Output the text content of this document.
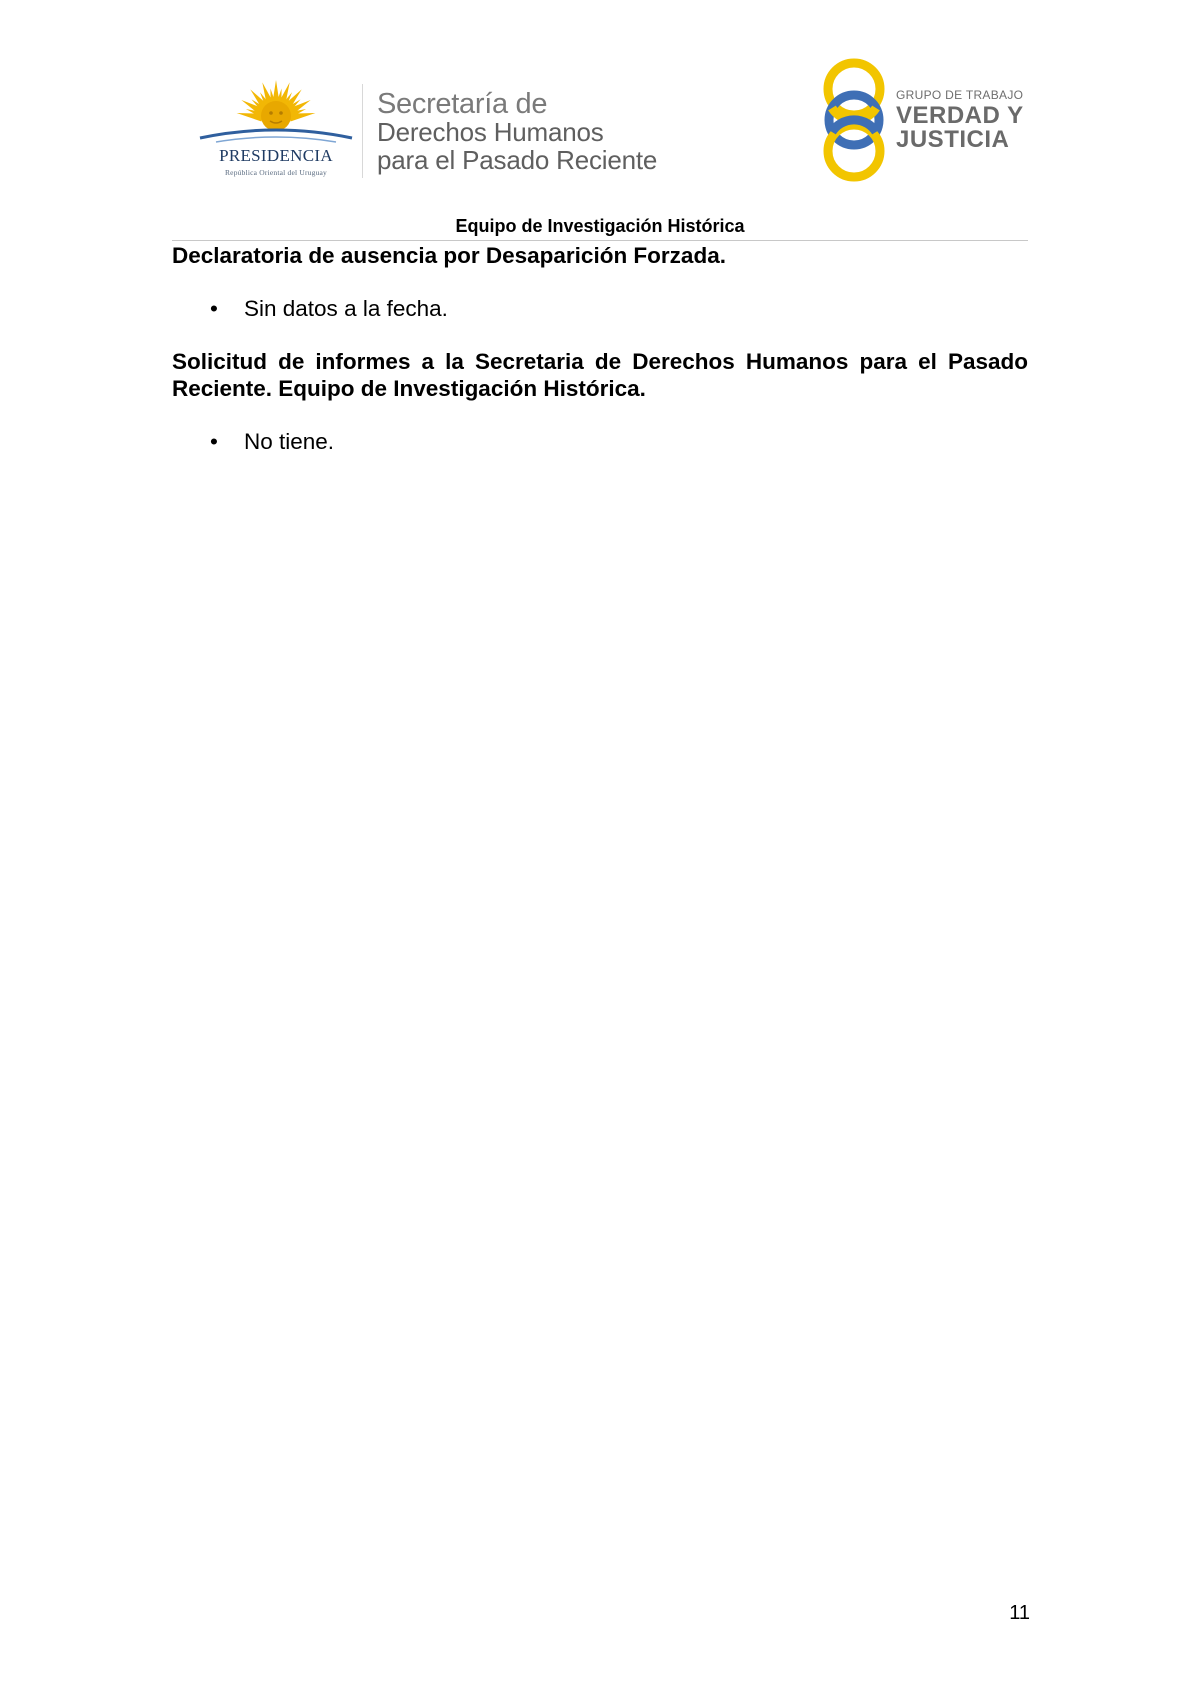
PRESIDENCIA
República Oriental del Uruguay
Secretaría de
Derechos Humanos
para el Pasado Reciente
GRUPO DE TRABAJO
VERDAD Y
JUSTICIA
Equipo de Investigación Histórica

Declaratoria de ausencia por Desaparición Forzada.

• Sin datos a la fecha.

Solicitud de informes a la Secretaria de Derechos Humanos para el Pasado Reciente. Equipo de Investigación Histórica.

• No tiene.
11
